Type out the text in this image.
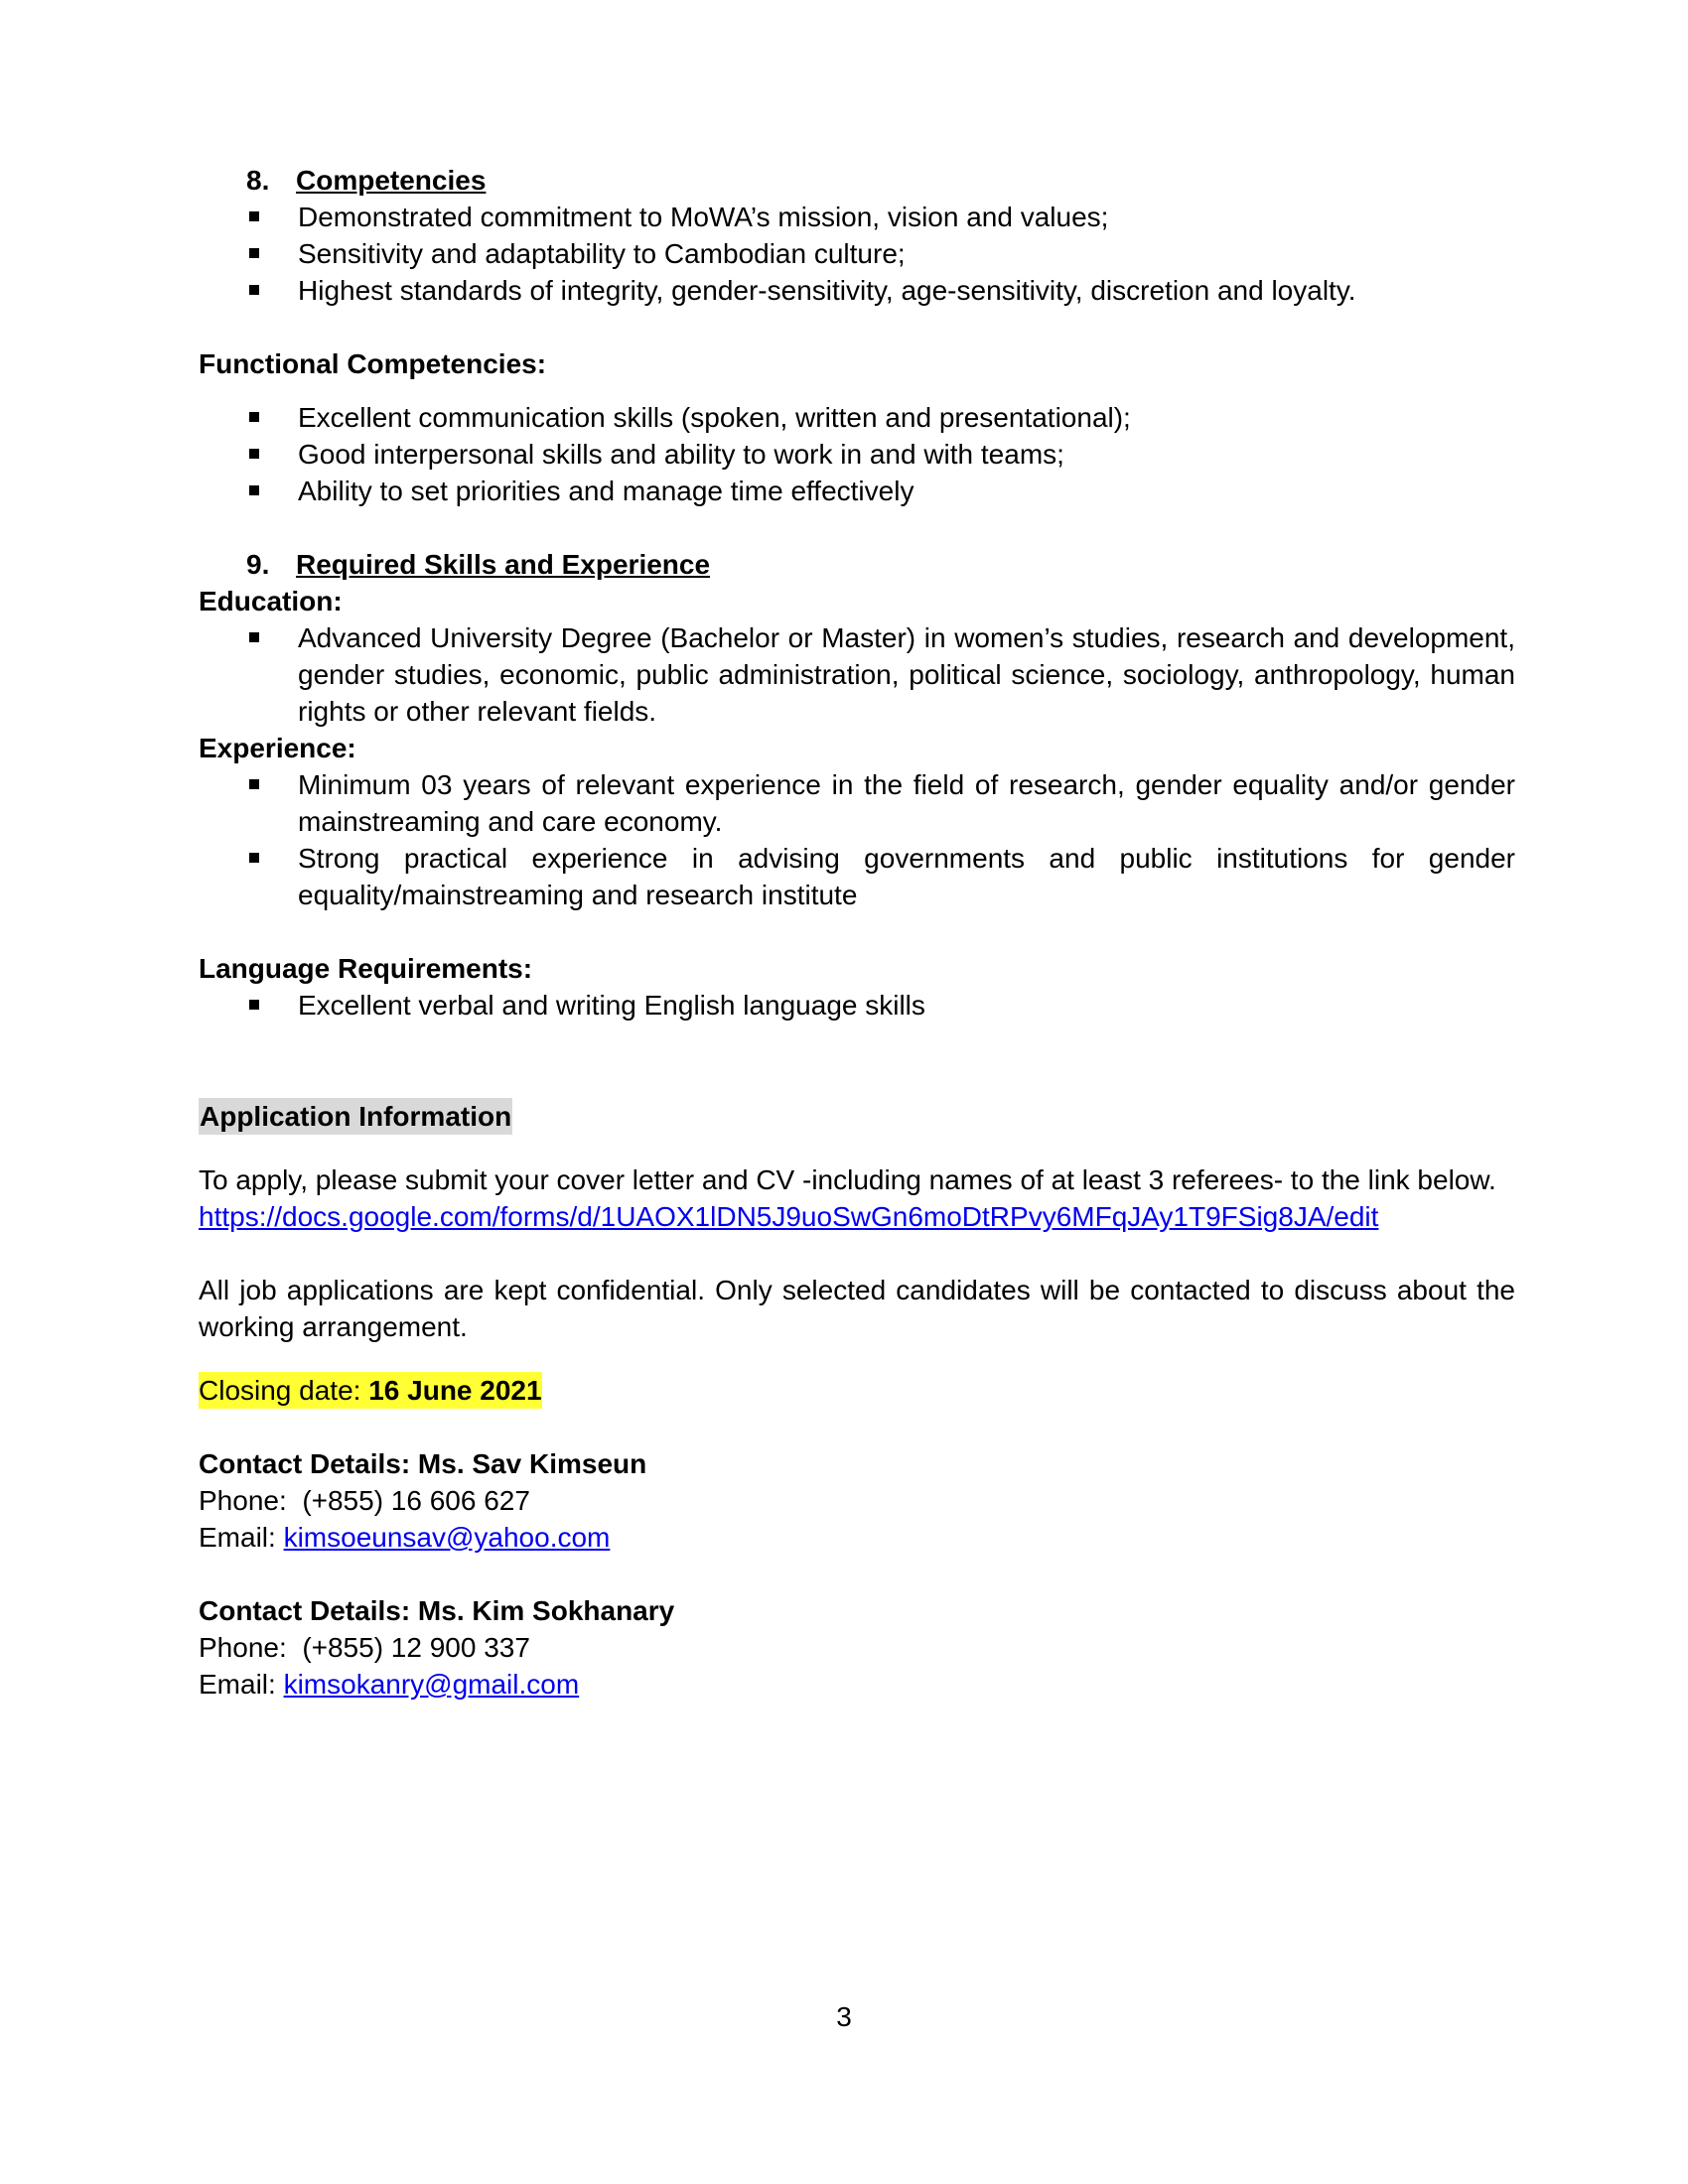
8. Competencies
Demonstrated commitment to MoWA’s mission, vision and values;
Sensitivity and adaptability to Cambodian culture;
Highest standards of integrity, gender-sensitivity, age-sensitivity, discretion and loyalty.
Functional Competencies:
Excellent communication skills (spoken, written and presentational);
Good interpersonal skills and ability to work in and with teams;
Ability to set priorities and manage time effectively
9. Required Skills and Experience
Education:
Advanced University Degree (Bachelor or Master) in women’s studies, research and development, gender studies, economic, public administration, political science, sociology, anthropology, human rights or other relevant fields.
Experience:
Minimum 03 years of relevant experience in the field of research, gender equality and/or gender mainstreaming and care economy.
Strong practical experience in advising governments and public institutions for gender equality/mainstreaming and research institute
Language Requirements:
Excellent verbal and writing English language skills
Application Information
To apply, please submit your cover letter and CV -including names of at least 3 referees- to the link below.
https://docs.google.com/forms/d/1UAOX1lDN5J9uoSwGn6moDtRPvy6MFqJAy1T9FSig8JA/edit
All job applications are kept confidential. Only selected candidates will be contacted to discuss about the working arrangement.
Closing date: 16 June 2021
Contact Details: Ms. Sav Kimseun
Phone:  (+855) 16 606 627
Email: kimsoeunsav@yahoo.com
Contact Details: Ms. Kim Sokhanary
Phone:  (+855) 12 900 337
Email: kimsokanry@gmail.com
3
